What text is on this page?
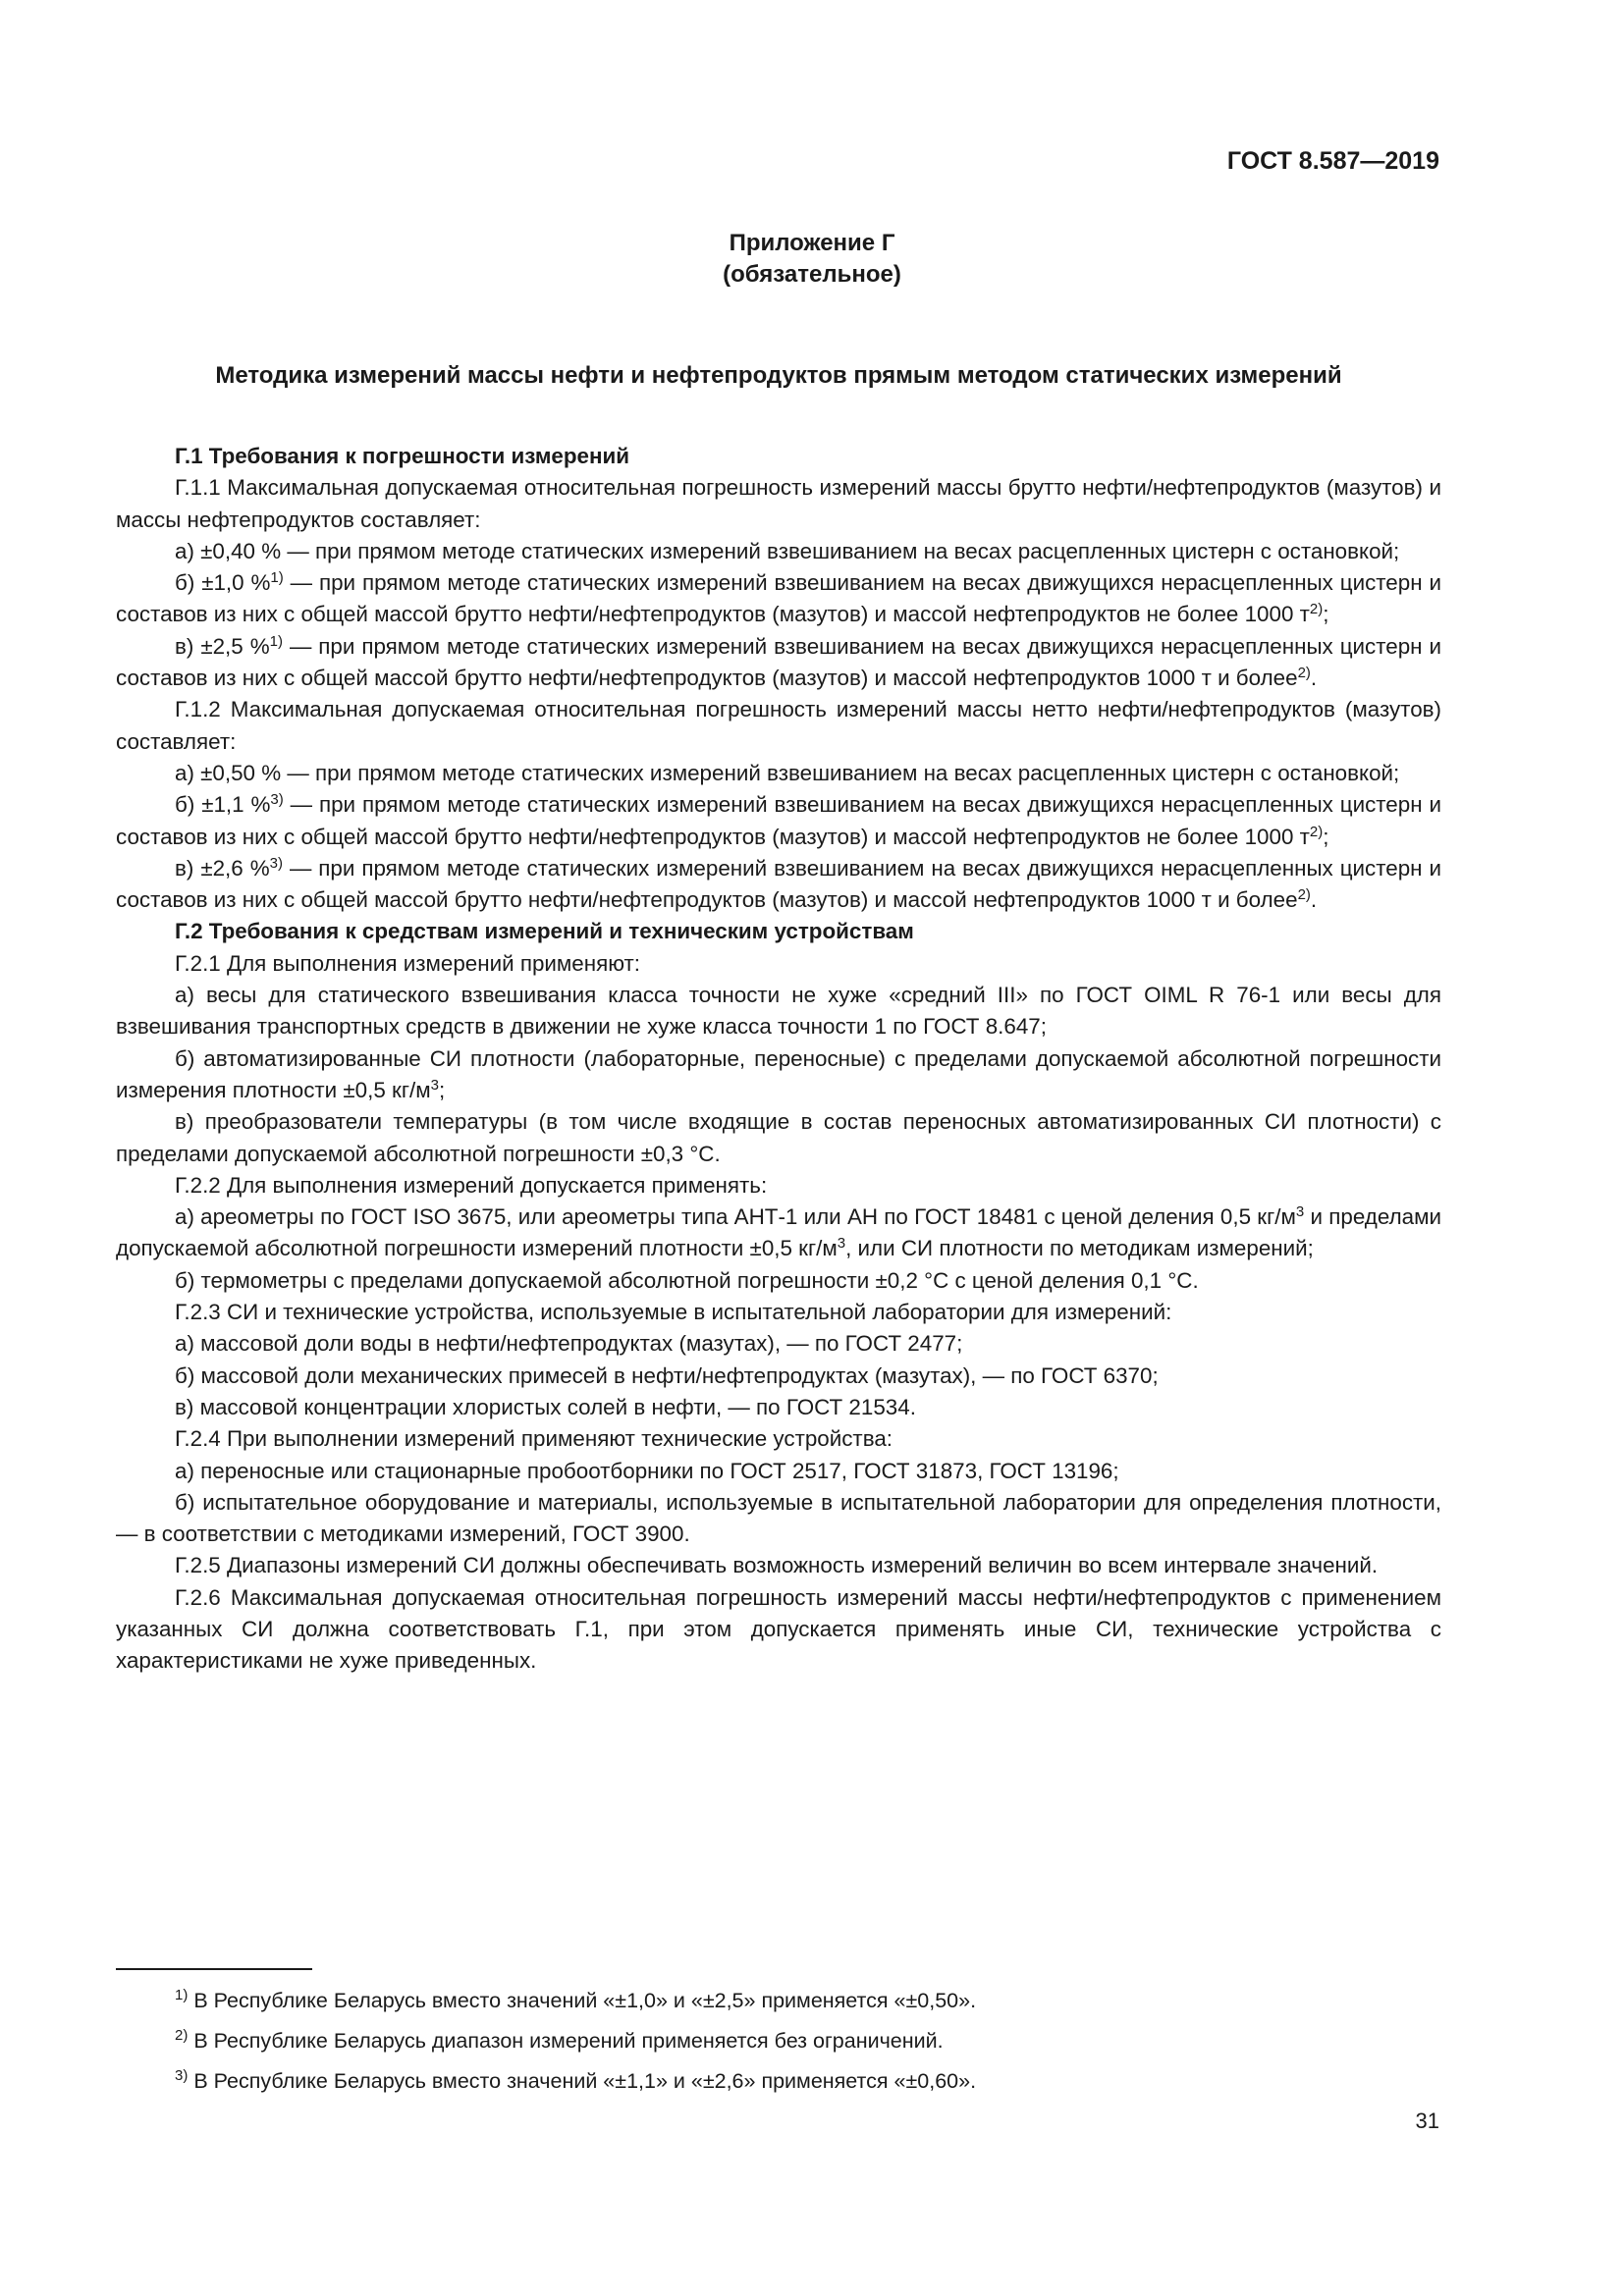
ГОСТ 8.587—2019
Приложение Г
(обязательное)
Методика измерений массы нефти и нефтепродуктов прямым методом статических измерений

Г.1 Требования к погрешности измерений

Г.1.1 Максимальная допускаемая относительная погрешность измерений массы брутто нефти/нефтепродуктов (мазутов) и массы нефтепродуктов составляет:

а) ±0,40 % — при прямом методе статических измерений взвешиванием на весах расцепленных цистерн с остановкой;

б) ±1,0 %$^{1)}$ — при прямом методе статических измерений взвешиванием на весах движущихся нерасцепленных цистерн и составов из них с общей массой брутто нефти/нефтепродуктов (мазутов) и массой нефтепродуктов не более 1000 $т^{2)}$;

в) ±2,5 %$^{1)}$ — при прямом методе статических измерений взвешиванием на весах движущихся нерасцепленных цистерн и составов из них с общей массой брутто нефти/нефтепродуктов (мазутов) и массой нефтепродуктов 1000 т и более$^{2)}$.

Г.1.2 Максимальная допускаемая относительная погрешность измерений массы нетто нефти/нефтепродуктов (мазутов) составляет:

а) ±0,50 % — при прямом методе статических измерений взвешиванием на весах расцепленных цистерн с остановкой;

б) ±1,1 %$^{3)}$ — при прямом методе статических измерений взвешиванием на весах движущихся нерасцепленных цистерн и составов из них с общей массой брутто нефти/нефтепродуктов (мазутов) и массой нефтепродуктов не более 1000 $т^{2)}$;

в) ±2,6 %$^{3)}$ — при прямом методе статических измерений взвешиванием на весах движущихся нерасцепленных цистерн и составов из них с общей массой брутто нефти/нефтепродуктов (мазутов) и массой нефтепродуктов 1000 т и более$^{2)}$.

Г.2 Требования к средствам измерений и техническим устройствам

Г.2.1 Для выполнения измерений применяют:

а) весы для статического взвешивания класса точности не хуже «средний III» по ГОСТ OIML R 76-1 или весы для взвешивания транспортных средств в движении не хуже класса точности 1 по ГОСТ 8.647;

б) автоматизированные СИ плотности (лабораторные, переносные) с пределами допускаемой абсолютной погрешности измерения плотности ±0,5 $кг/м^3$;

в) преобразователи температуры (в том числе входящие в состав переносных автоматизированных СИ плотности) с пределами допускаемой абсолютной погрешности ±0,3 °С.

Г.2.2 Для выполнения измерений допускается применять:

а) ареометры по ГОСТ ISO 3675, или ареометры типа АНТ-1 или АН по ГОСТ 18481 с ценой деления 0,5 $кг/м^3$ и пределами допускаемой абсолютной погрешности измерений плотности ±0,5 $кг/м^3$, или СИ плотности по методикам измерений;

б) термометры с пределами допускаемой абсолютной погрешности ±0,2 °С с ценой деления 0,1 °С.

Г.2.3 СИ и технические устройства, используемые в испытательной лаборатории для измерений:

а) массовой доли воды в нефти/нефтепродуктах (мазутах), — по ГОСТ 2477;

б) массовой доли механических примесей в нефти/нефтепродуктах (мазутах), — по ГОСТ 6370;

в) массовой концентрации хлористых солей в нефти, — по ГОСТ 21534.

Г.2.4 При выполнении измерений применяют технические устройства:

а) переносные или стационарные пробоотборники по ГОСТ 2517, ГОСТ 31873, ГОСТ 13196;

б) испытательное оборудование и материалы, используемые в испытательной лаборатории для определения плотности, — в соответствии с методиками измерений, ГОСТ 3900.

Г.2.5 Диапазоны измерений СИ должны обеспечивать возможность измерений величин во всем интервале значений.

Г.2.6 Максимальная допускаемая относительная погрешность измерений массы нефти/нефтепродуктов с применением указанных СИ должна соответствовать Г.1, при этом допускается применять иные СИ, технические устройства с характеристиками не хуже приведенных.

$^{1)}$ В Республике Беларусь вместо значений «±1,0» и «±2,5» применяется «±0,50».
$^{2)}$ В Республике Беларусь диапазон измерений применяется без ограничений.
$^{3)}$ В Республике Беларусь вместо значений «±1,1» и «±2,6» применяется «±0,60».
31
